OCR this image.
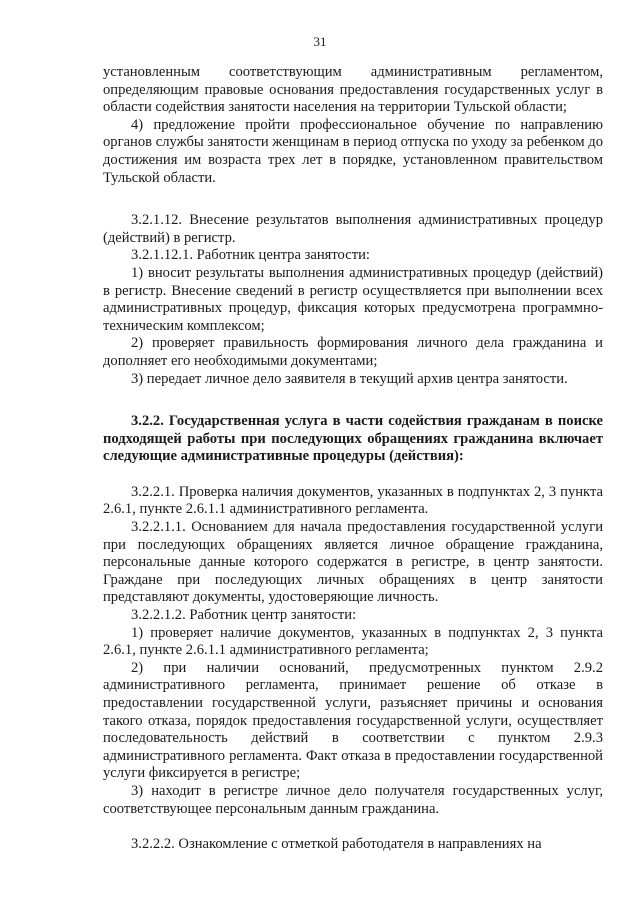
31

установленным соответствующим административным регламентом, определяющим правовые основания предоставления государственных услуг в области содействия занятости населения на территории Тульской области;

4) предложение пройти профессиональное обучение по направлению органов службы занятости женщинам в период отпуска по уходу за ребенком до достижения им возраста трех лет в порядке, установленном правительством Тульской области.

3.2.1.12. Внесение результатов выполнения административных процедур (действий) в регистр.

3.2.1.12.1. Работник центра занятости:

1) вносит результаты выполнения административных процедур (действий) в регистр. Внесение сведений в регистр осуществляется при выполнении всех административных процедур, фиксация которых предусмотрена программно-техническим комплексом;

2) проверяет правильность формирования личного дела гражданина и дополняет его необходимыми документами;

3) передает личное дело заявителя в текущий архив центра занятости.

3.2.2. Государственная услуга в части содействия гражданам в поиске подходящей работы при последующих обращениях гражданина включает следующие административные процедуры (действия):

3.2.2.1. Проверка наличия документов, указанных в подпунктах 2, 3 пункта 2.6.1, пункте 2.6.1.1 административного регламента.

3.2.2.1.1. Основанием для начала предоставления государственной услуги при последующих обращениях является личное обращение гражданина, персональные данные которого содержатся в регистре, в центр занятости. Граждане при последующих личных обращениях в центр занятости представляют документы, удостоверяющие личность.

3.2.2.1.2. Работник центр занятости:

1) проверяет наличие документов, указанных в подпунктах 2, 3 пункта 2.6.1, пункте 2.6.1.1 административного регламента;

2) при наличии оснований, предусмотренных пунктом 2.9.2 административного регламента, принимает решение об отказе в предоставлении государственной услуги, разъясняет причины и основания такого отказа, порядок предоставления государственной услуги, осуществляет последовательность действий в соответствии с пунктом 2.9.3 административного регламента. Факт отказа в предоставлении государственной услуги фиксируется в регистре;

3) находит в регистре личное дело получателя государственных услуг, соответствующее персональным данным гражданина.

3.2.2.2. Ознакомление с отметкой работодателя в направлениях на
